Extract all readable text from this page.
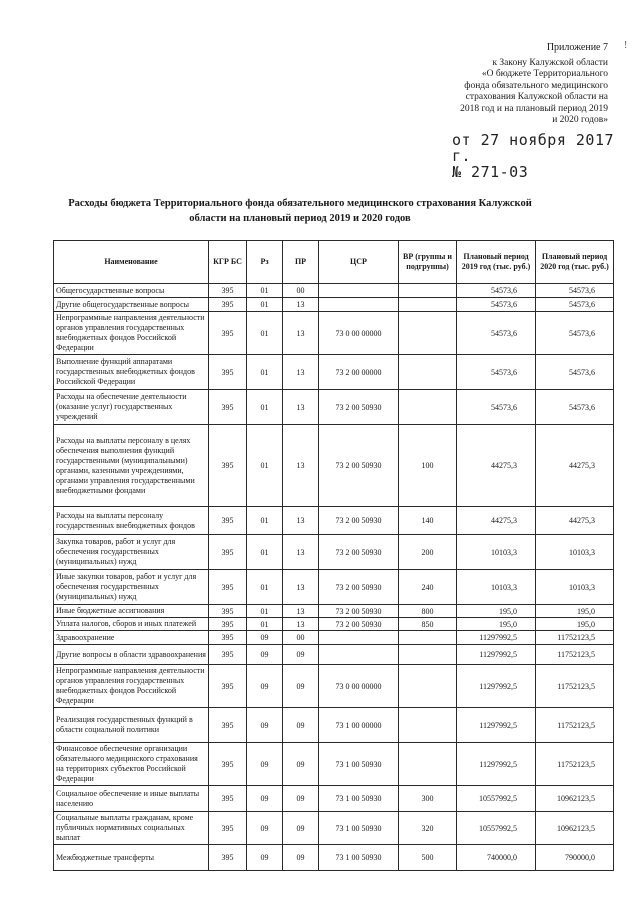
Приложение 7
к Закону Калужской области
«О бюджете Территориального
фонда обязательного медицинского
страхования Калужской области на
2018 год и на плановый период 2019
и 2020 годов»
!
от 27 ноября 2017 г.
№ 271-03
Расходы бюджета Территориального фонда обязательного медицинского страхования Калужской
области на плановый период 2019 и 2020 годов
Наименование	КГР БС	Рз	ПР	ЦСР	ВР (группы и подгруппы)	Плановый период 2019 год (тыс. руб.)	Плановый период 2020 год (тыс. руб.)
Общегосударственные вопросы	395	01	00			54573,6	54573,6
Другие общегосударственные вопросы	395	01	13			54573,6	54573,6
Непрограммные направления деятельности органов управления государственных внебюджетных фондов Российской Федерации	395	01	13	73 0 00 00000		54573,6	54573,6
Выполнение функций аппаратами государственных внебюджетных фондов Российской Федерации	395	01	13	73 2 00 00000		54573,6	54573,6
Расходы на обеспечение деятельности (оказание услуг) государственных учреждений	395	01	13	73 2 00 50930		54573,6	54573,6
Расходы на выплаты персоналу в целях обеспечения выполнения функций государственными (муниципальными) органами, казенными учреждениями, органами управления государственными внебюджетными фондами	395	01	13	73 2 00 50930	100	44275,3	44275,3
Расходы на выплаты персоналу государственных внебюджетных фондов	395	01	13	73 2 00 50930	140	44275,3	44275,3
Закупка товаров, работ и услуг для обеспечения государственных (муниципальных) нужд	395	01	13	73 2 00 50930	200	10103,3	10103,3
Иные закупки товаров, работ и услуг для обеспечения государственных (муниципальных) нужд	395	01	13	73 2 00 50930	240	10103,3	10103,3
Иные бюджетные ассигнования	395	01	13	73 2 00 50930	800	195,0	195,0
Уплата налогов, сборов и иных платежей	395	01	13	73 2 00 50930	850	195,0	195,0
Здравоохранение	395	09	00			11297992,5	11752123,5
Другие вопросы в области здравоохранения	395	09	09			11297992,5	11752123,5
Непрограммные направления деятельности органов управления государственных внебюджетных фондов Российской Федерации	395	09	09	73 0 00 00000		11297992,5	11752123,5
Реализация государственных функций в области социальной политики	395	09	09	73 1 00 00000		11297992,5	11752123,5
Финансовое обеспечение организации обязательного медицинского страхования на территориях субъектов Российской Федерации	395	09	09	73 1 00 50930		11297992,5	11752123,5
Социальное обеспечение и иные выплаты населению	395	09	09	73 1 00 50930	300	10557992,5	10962123,5
Социальные выплаты гражданам, кроме публичных нормативных социальных выплат	395	09	09	73 1 00 50930	320	10557992,5	10962123,5
Межбюджетные трансферты	395	09	09	73 1 00 50930	500	740000,0	790000,0
